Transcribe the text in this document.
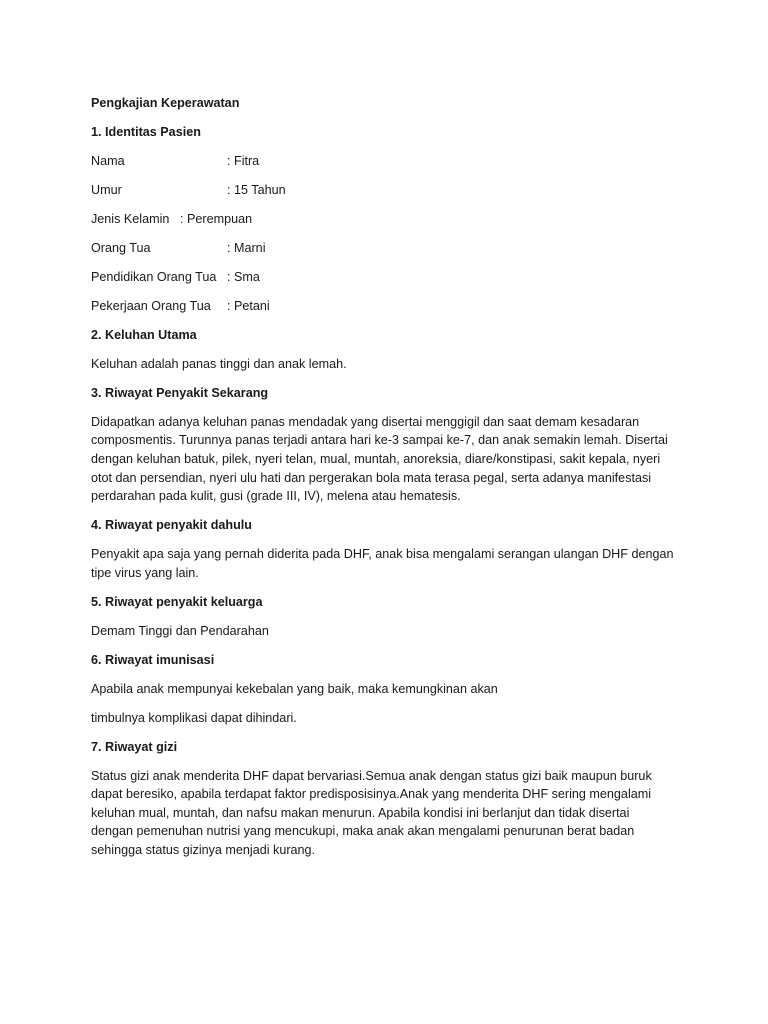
Pengkajian Keperawatan

1. Identitas Pasien

Nama	: Fitra
Umur	: 15 Tahun
Jenis Kelamin : Perempuan
Orang Tua	: Marni
Pendidikan Orang Tua : Sma
Pekerjaan Orang Tua : Petani

2. Keluhan Utama

Keluhan adalah panas tinggi dan anak lemah.

3. Riwayat Penyakit Sekarang

Didapatkan adanya keluhan panas mendadak yang disertai menggigil dan saat demam kesadaran
composmentis. Turunnya panas terjadi antara hari ke-3 sampai ke-7, dan anak semakin lemah. Disertai
dengan keluhan batuk, pilek, nyeri telan, mual, muntah, anoreksia, diare/konstipasi, sakit kepala, nyeri
otot dan persendian, nyeri ulu hati dan pergerakan bola mata terasa pegal, serta adanya manifestasi
perdarahan pada kulit, gusi (grade III, IV), melena atau hematesis.

4. Riwayat penyakit dahulu

Penyakit apa saja yang pernah diderita pada DHF, anak bisa mengalami serangan ulangan DHF dengan
tipe virus yang lain.

5. Riwayat penyakit keluarga

Demam Tinggi dan Pendarahan

6. Riwayat imunisasi

Apabila anak mempunyai kekebalan yang baik, maka kemungkinan akan
timbulnya komplikasi dapat dihindari.

7. Riwayat gizi

Status gizi anak menderita DHF dapat bervariasi.Semua anak dengan status gizi baik maupun buruk
dapat beresiko, apabila terdapat faktor predisposisinya.Anak yang menderita DHF sering mengalami
keluhan mual, muntah, dan nafsu makan menurun. Apabila kondisi ini berlanjut dan tidak disertai
dengan pemenuhan nutrisi yang mencukupi, maka anak akan mengalami penurunan berat badan
sehingga status gizinya menjadi kurang.
